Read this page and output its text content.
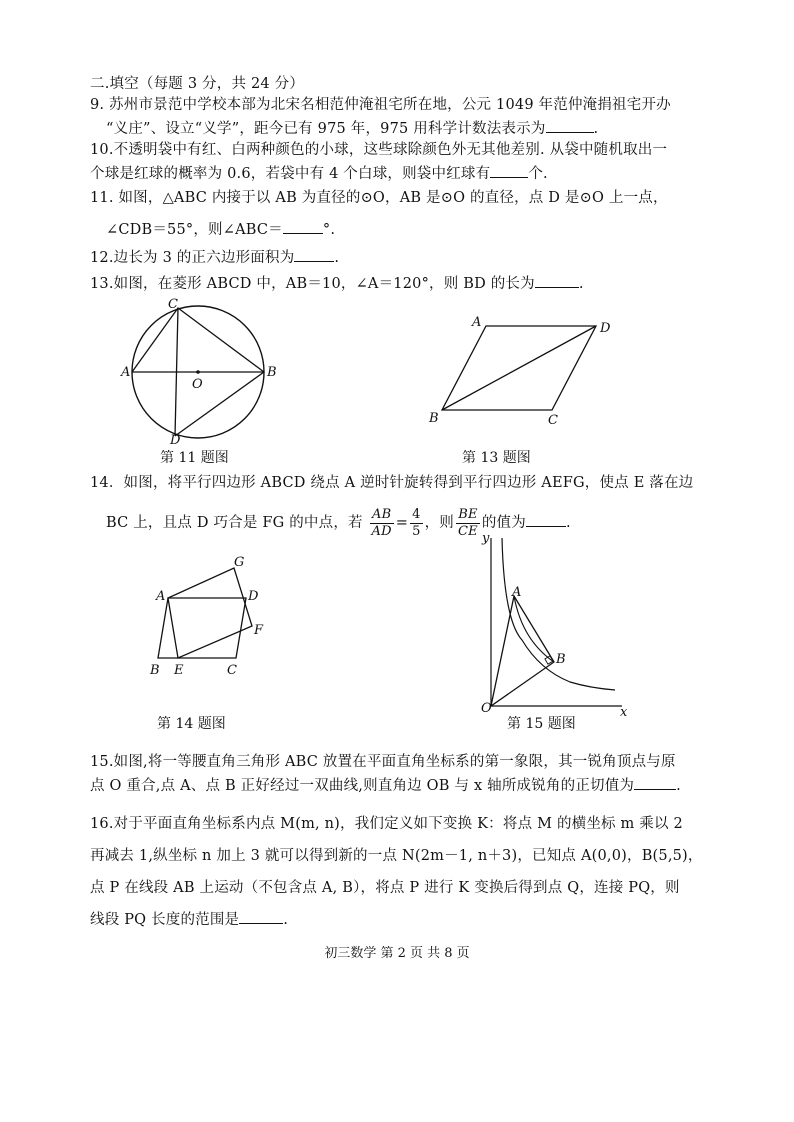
二.填空（每题 3 分，共 24 分）
9. 苏州市景范中学校本部为北宋名相范仲淹祖宅所在地，公元 1049 年范仲淹捐祖宅开办
“义庄”、设立“义学”，距今已有 975 年，975 用科学计数法表示为	.
10.不透明袋中有红、白两种颜色的小球，这些球除颜色外无其他差别. 从袋中随机取出一
个球是红球的概率为 0.6，若袋中有 4 个白球，则袋中红球有	个.
11. 如图，△ABC 内接于以 AB 为直径的⊙O，AB 是⊙O 的直径，点 D 是⊙O 上一点，
∠CDB＝55°，则∠ABC＝	°.
12.边长为 3 的正六边形面积为	.
13.如图，在菱形 ABCD 中，AB＝10，∠A＝120°，则 BD 的长为	.
C
A
O
B
D
第 11 题图
A	D
B	C
第 13 题图
14．如图，将平行四边形 ABCD 绕点 A 逆时针旋转得到平行四边形 AEFG，使点 E 落在边
BC 上，且点 D 巧合是 FG 的中点，若 $\frac{AB}{AD} = \frac{4}{5}$ ，则 $\frac{BE}{CE}$ 的值为	.
G
A	D
F
B E	C
第 14 题图
y
A
B
O	x
第 15 题图
15.如图,将一等腰直角三角形 ABC 放置在平面直角坐标系的第一象限，其一锐角顶点与原
点 O 重合,点 A、点 B 正好经过一双曲线,则直角边 OB 与 x 轴所成锐角的正切值为	.
16.对于平面直角坐标系内点 M(m, n)，我们定义如下变换 K：将点 M 的横坐标 m 乘以 2
再减去 1,纵坐标 n 加上 3 就可以得到新的一点 N(2m－1, n＋3)，已知点 A(0,0)，B(5,5)，
点 P 在线段 AB 上运动（不包含点 A, B），将点 P 进行 K 变换后得到点 Q，连接 PQ，则
线段 PQ 长度的范围是	.
初三数学 第 2 页 共 8 页
